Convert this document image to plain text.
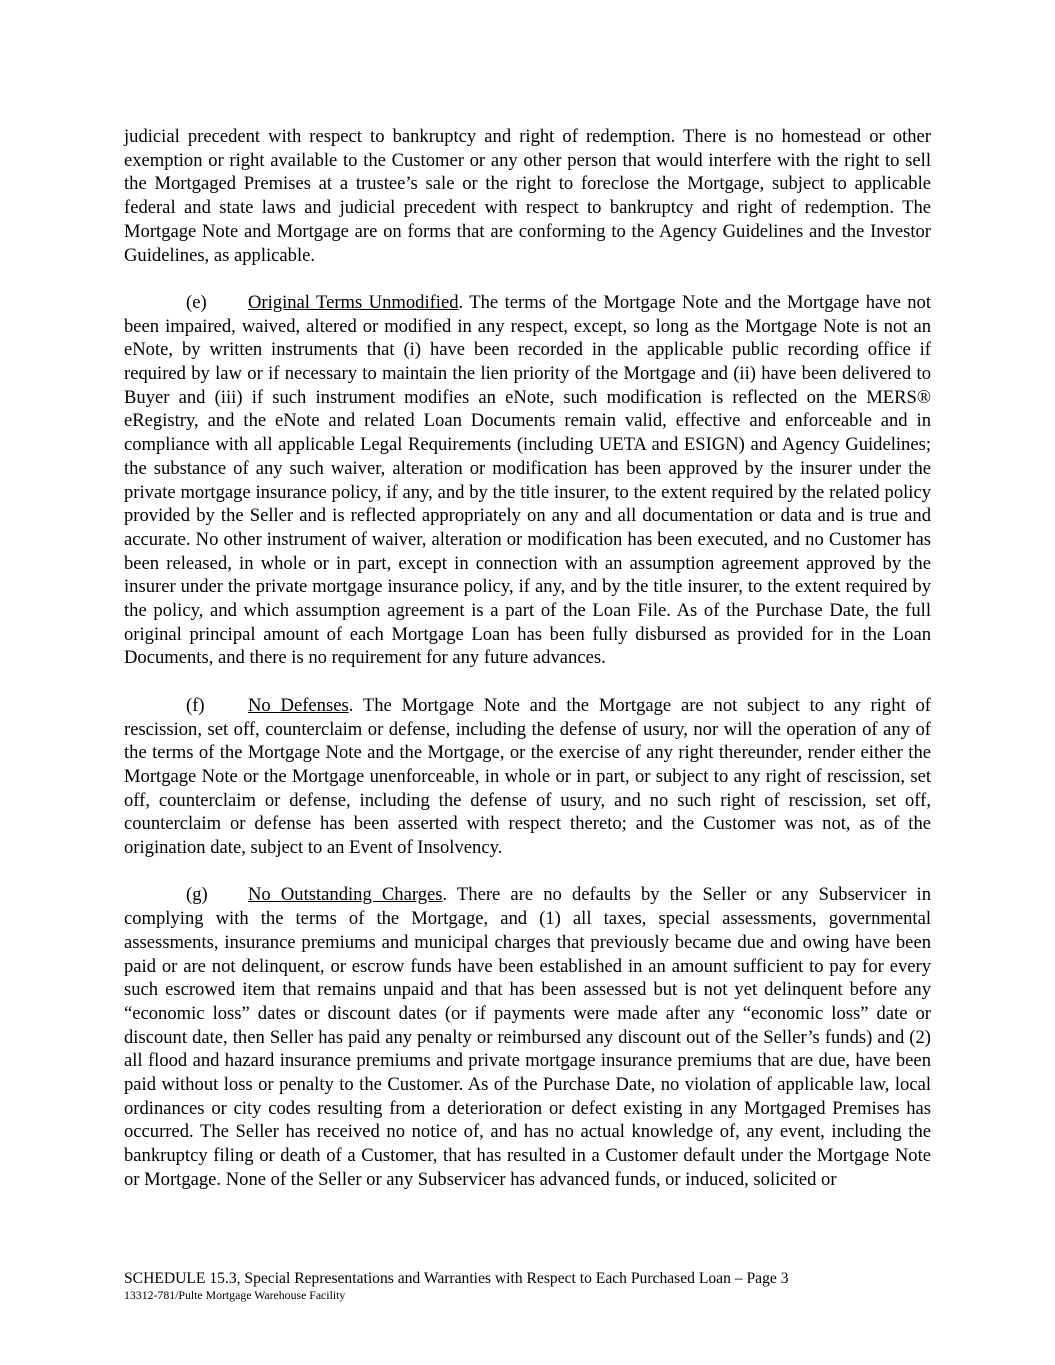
judicial precedent with respect to bankruptcy and right of redemption. There is no homestead or other exemption or right available to the Customer or any other person that would interfere with the right to sell the Mortgaged Premises at a trustee’s sale or the right to foreclose the Mortgage, subject to applicable federal and state laws and judicial precedent with respect to bankruptcy and right of redemption. The Mortgage Note and Mortgage are on forms that are conforming to the Agency Guidelines and the Investor Guidelines, as applicable.

(e) Original Terms Unmodified. The terms of the Mortgage Note and the Mortgage have not been impaired, waived, altered or modified in any respect, except, so long as the Mortgage Note is not an eNote, by written instruments that (i) have been recorded in the applicable public recording office if required by law or if necessary to maintain the lien priority of the Mortgage and (ii) have been delivered to Buyer and (iii) if such instrument modifies an eNote, such modification is reflected on the MERS® eRegistry, and the eNote and related Loan Documents remain valid, effective and enforceable and in compliance with all applicable Legal Requirements (including UETA and ESIGN) and Agency Guidelines; the substance of any such waiver, alteration or modification has been approved by the insurer under the private mortgage insurance policy, if any, and by the title insurer, to the extent required by the related policy provided by the Seller and is reflected appropriately on any and all documentation or data and is true and accurate. No other instrument of waiver, alteration or modification has been executed, and no Customer has been released, in whole or in part, except in connection with an assumption agreement approved by the insurer under the private mortgage insurance policy, if any, and by the title insurer, to the extent required by the policy, and which assumption agreement is a part of the Loan File. As of the Purchase Date, the full original principal amount of each Mortgage Loan has been fully disbursed as provided for in the Loan Documents, and there is no requirement for any future advances.

(f) No Defenses. The Mortgage Note and the Mortgage are not subject to any right of rescission, set off, counterclaim or defense, including the defense of usury, nor will the operation of any of the terms of the Mortgage Note and the Mortgage, or the exercise of any right thereunder, render either the Mortgage Note or the Mortgage unenforceable, in whole or in part, or subject to any right of rescission, set off, counterclaim or defense, including the defense of usury, and no such right of rescission, set off, counterclaim or defense has been asserted with respect thereto; and the Customer was not, as of the origination date, subject to an Event of Insolvency.

(g) No Outstanding Charges. There are no defaults by the Seller or any Subservicer in complying with the terms of the Mortgage, and (1) all taxes, special assessments, governmental assessments, insurance premiums and municipal charges that previously became due and owing have been paid or are not delinquent, or escrow funds have been established in an amount sufficient to pay for every such escrowed item that remains unpaid and that has been assessed but is not yet delinquent before any “economic loss” dates or discount dates (or if payments were made after any “economic loss” date or discount date, then Seller has paid any penalty or reimbursed any discount out of the Seller’s funds) and (2) all flood and hazard insurance premiums and private mortgage insurance premiums that are due, have been paid without loss or penalty to the Customer. As of the Purchase Date, no violation of applicable law, local ordinances or city codes resulting from a deterioration or defect existing in any Mortgaged Premises has occurred. The Seller has received no notice of, and has no actual knowledge of, any event, including the bankruptcy filing or death of a Customer, that has resulted in a Customer default under the Mortgage Note or Mortgage. None of the Seller or any Subservicer has advanced funds, or induced, solicited or

SCHEDULE 15.3, Special Representations and Warranties with Respect to Each Purchased Loan – Page 3
13312-781/Pulte Mortgage Warehouse Facility
